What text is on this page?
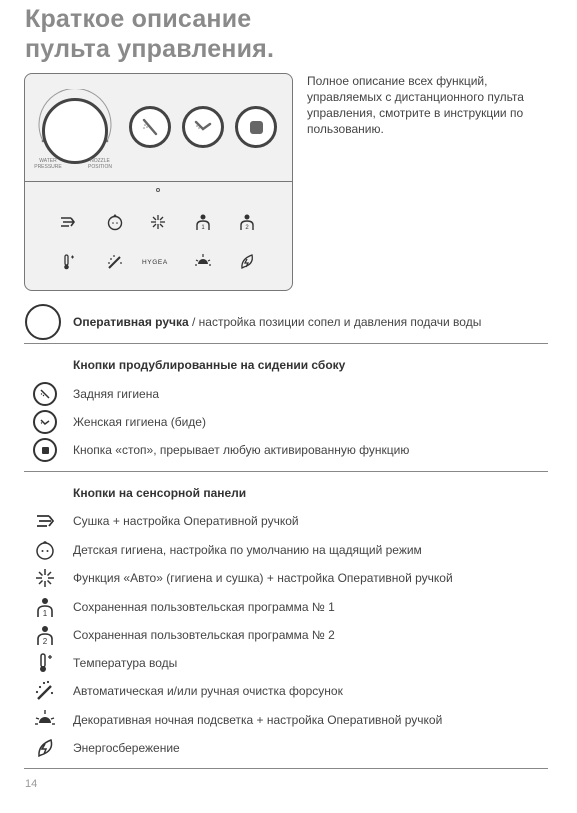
Краткое описание
пульта управления.
WATER PRESSURE
NOZZLE POSITION
1	2
HYGEA
Полное описание всех функций, управляемых с дистанционного пульта управления, смотрите в инструкции по пользованию.
Оперативная ручка / настройка позиции сопел и давления подачи воды
Кнопки продублированные на сидении сбоку
Задняя гигиена
Женская гигиена (биде)
Кнопка «стоп», прерывает любую активированную функцию
Кнопки на сенсорной панели
Сушка + настройка Оперативной ручкой
Детская гигиена, настройка по умолчанию на щадящий режим
Функция «Авто» (гигиена и сушка) + настройка Оперативной ручкой
1 Сохраненная пользовтельская программа № 1
2 Сохраненная пользовтельская программа № 2
Температура воды
Автоматическая и/или ручная очистка форсунок
Декоративная ночная подсветка + настройка Оперативной ручкой
Энергосбережение
14
